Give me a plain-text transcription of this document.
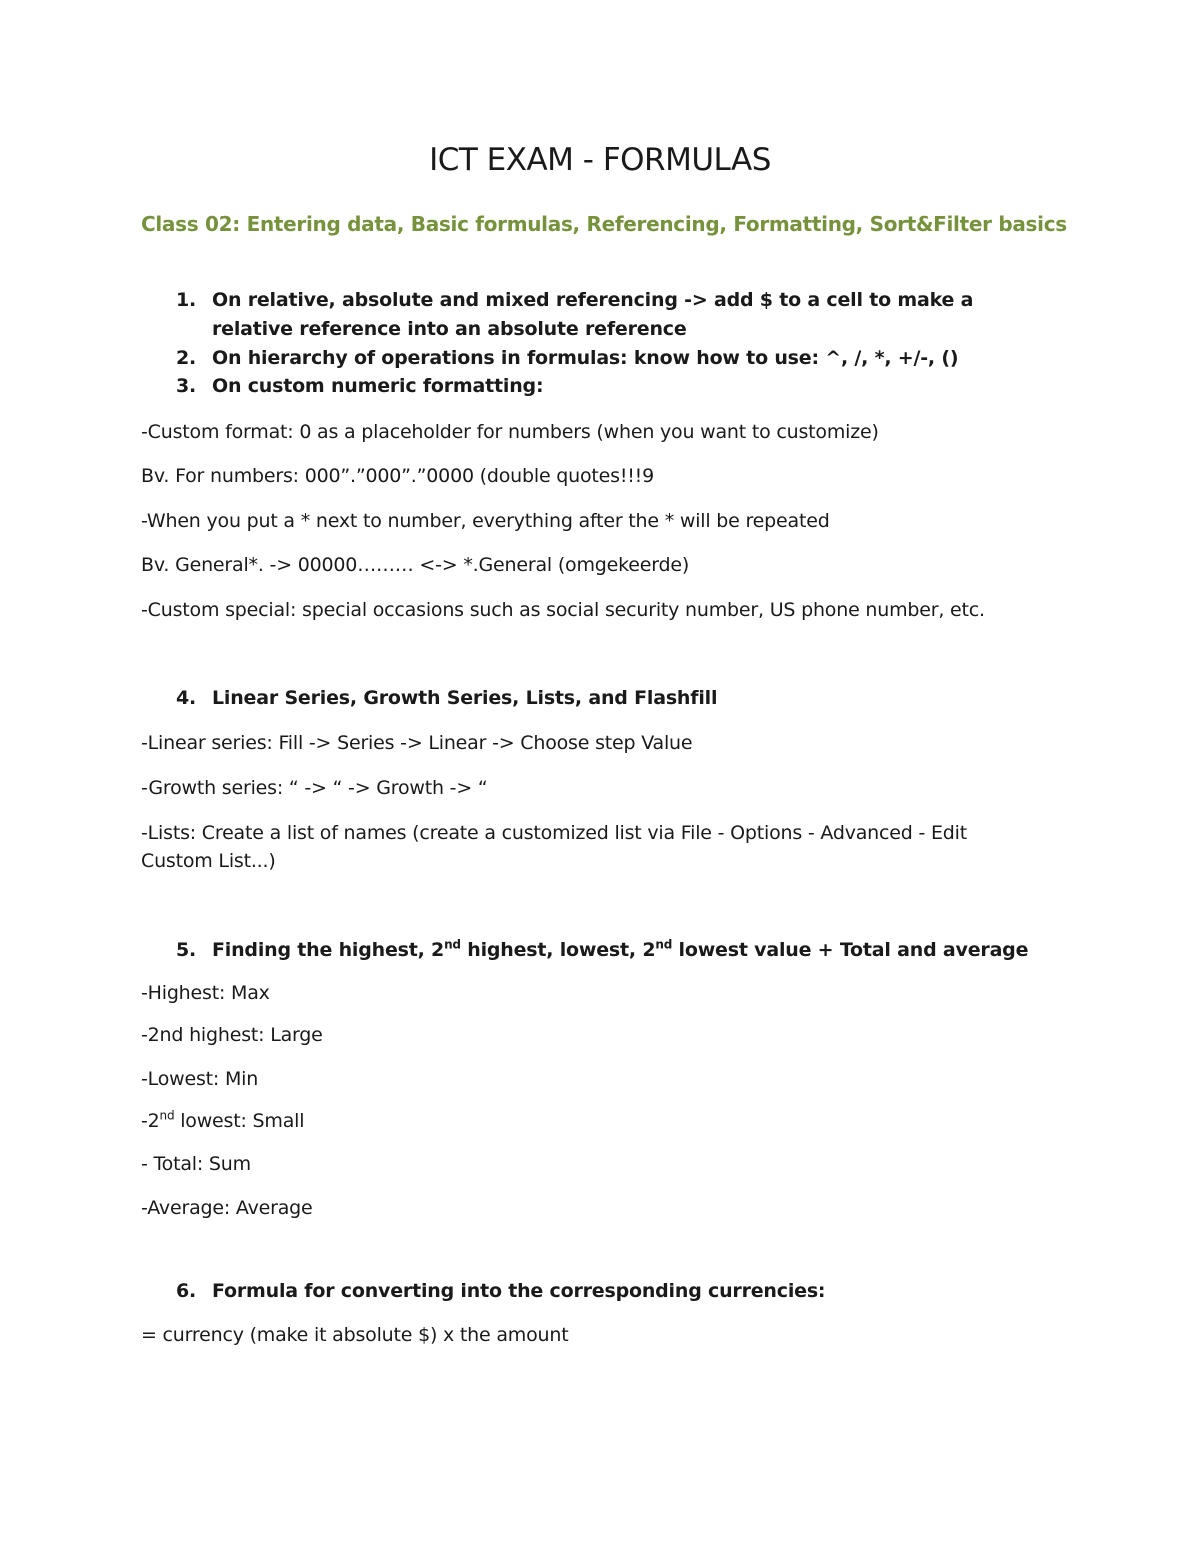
ICT EXAM - FORMULAS

Class 02: Entering data, Basic formulas, Referencing, Formatting, Sort&Filter basics

1. On relative, absolute and mixed referencing -> add $ to a cell to make a relative reference into an absolute reference
2. On hierarchy of operations in formulas: know how to use: ^, /, *, +/-, ()
3. On custom numeric formatting:

-Custom format: 0 as a placeholder for numbers (when you want to customize)

Bv. For numbers: 000”.”000”.”0000 (double quotes!!!9

-When you put a * next to number, everything after the * will be repeated

Bv. General*. -> 00000……… <-> *.General (omgekeerde)

-Custom special: special occasions such as social security number, US phone number, etc.

4. Linear Series, Growth Series, Lists, and Flashfill

-Linear series: Fill -> Series -> Linear -> Choose step Value

-Growth series: “ -> “ -> Growth -> “

-Lists: Create a list of names (create a customized list via File - Options - Advanced - Edit Custom List...)

5. Finding the highest, 2nd highest, lowest, 2nd lowest value + Total and average

-Highest: Max

-2nd highest: Large

-Lowest: Min

-2nd lowest: Small

- Total: Sum

-Average: Average

6. Formula for converting into the corresponding currencies:

= currency (make it absolute $) x the amount
